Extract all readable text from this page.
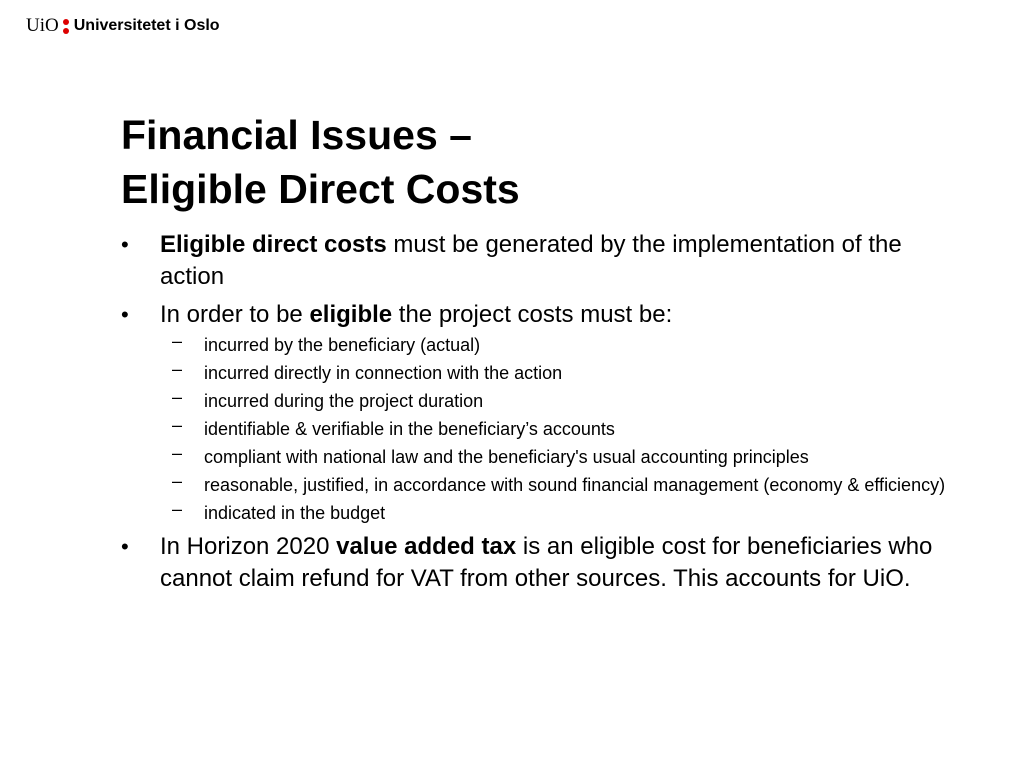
UiO Universitetet i Oslo
Financial Issues –
Eligible Direct Costs
•	Eligible direct costs must be generated by the implementation of the action
•	In order to be eligible the project costs must be:
– incurred by the beneficiary (actual)
– incurred directly in connection with the action
– incurred during the project duration
– identifiable & verifiable in the beneficiary’s accounts
– compliant with national law and the beneficiary's usual accounting principles
– reasonable, justified, in accordance with sound financial management (economy & efficiency)
– indicated in the budget
•	In Horizon 2020 value added tax is an eligible cost for beneficiaries who cannot claim refund for VAT from other sources. This accounts for UiO.
